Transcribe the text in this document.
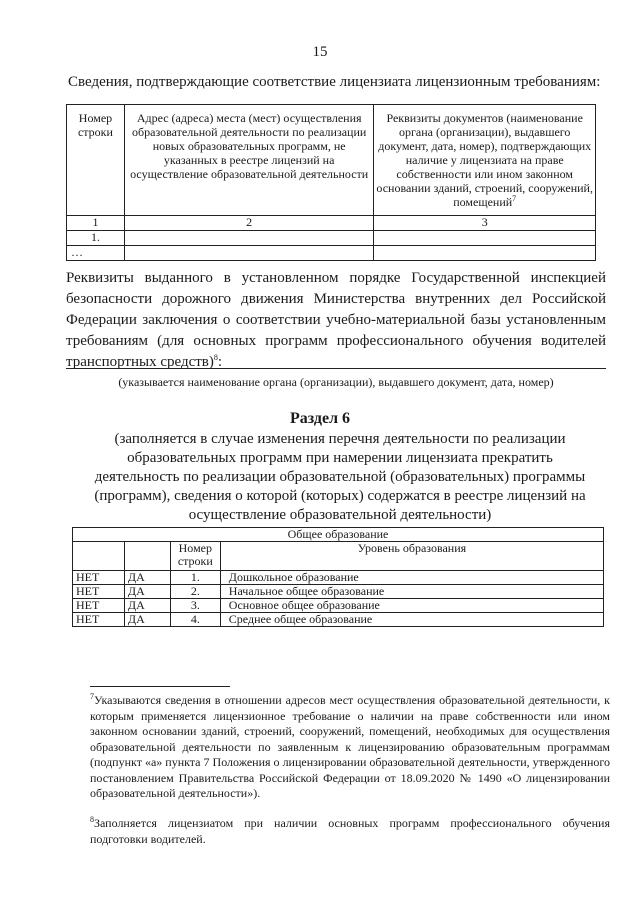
15
Сведения, подтверждающие соответствие лицензиата лицензионным требованиям:
Номер строки	Адрес (адреса) места (мест) осуществления образовательной деятельности по реализации новых образовательных программ, не указанных в реестре лицензий на осуществление образовательной деятельности	Реквизиты документов (наименование органа (организации), выдавшего документ, дата, номер), подтверждающих наличие у лицензиата на праве собственности или ином законном основании зданий, строений, сооружений, помещений$^7$
1	2	3
1.		
…		
Реквизиты выданного в установленном порядке Государственной инспекцией безопасности дорожного движения Министерства внутренних дел Российской Федерации заключения о соответствии учебно-материальной базы установленным требованиям (для основных программ профессионального обучения водителей транспортных средств)$^8$:
(указывается наименование органа (организации), выдавшего документ, дата, номер)
Раздел 6
(заполняется в случае изменения перечня деятельности по реализации образовательных программ при намерении лицензиата прекратить деятельность по реализации образовательной (образовательных) программы (программ), сведения о которой (которых) содержатся в реестре лицензий на осуществление образовательной деятельности)
Общее образование			
		Номер строки	Уровень образования
НЕТ	ДА	1.	Дошкольное образование
НЕТ	ДА	2.	Начальное общее образование
НЕТ	ДА	3.	Основное общее образование
НЕТ	ДА	4.	Среднее общее образование
$^7$Указываются сведения в отношении адресов мест осуществления образовательной деятельности, к которым применяется лицензионное требование о наличии на праве собственности или ином законном основании зданий, строений, сооружений, помещений, необходимых для осуществления образовательной деятельности по заявленным к лицензированию образовательным программам (подпункт «а» пункта 7 Положения о лицензировании образовательной деятельности, утвержденного постановлением Правительства Российской Федерации от 18.09.2020 № 1490 «О лицензировании образовательной деятельности»).
$^8$Заполняется лицензиатом при наличии основных программ профессионального обучения подготовки водителей.
